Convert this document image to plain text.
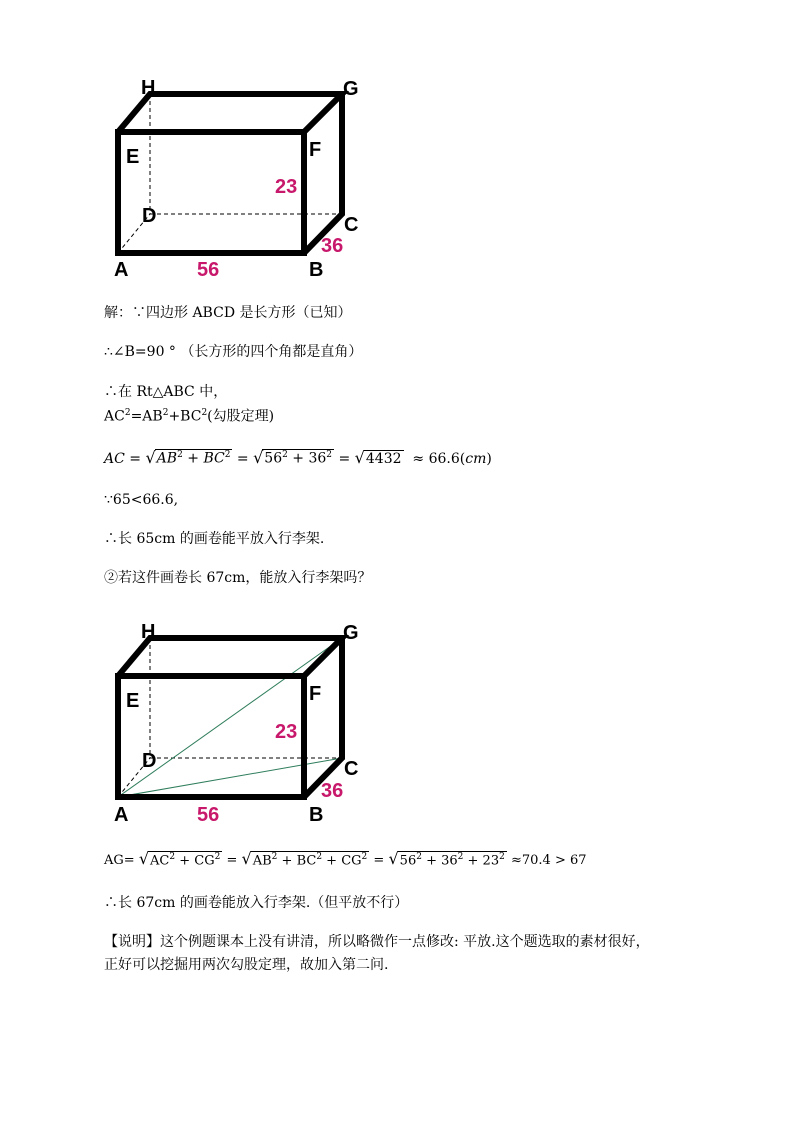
H	G
E	F
D	C
A	B
23
56
36
解：∵四边形 ABCD 是长方形（已知）
∴∠B=90 ° （长方形的四个角都是直角）
∴在 Rt△ABC 中，
$AC^2=AB^2+BC^2$(勾股定理)
AC = $√AB^2 + BC^2 = √56^2 + 36^2 = √4432 \approx 66.6(cm)$
∵65<66.6,
∴长 65cm 的画卷能平放入行李架.
②若这件画卷长 67cm，能放入行李架吗？
H	G
E	F
D	C
A	B
23
56
36
$AG= √AC^2 + CG^2 = √AB^2 + BC^2 + CG^2 = √56^2 + 36^2 + 23^2 \approx 70.4 > 67$
∴长 67cm 的画卷能放入行李架.（但平放不行）
【说明】这个例题课本上没有讲清，所以略微作一点修改: 平放.这个题选取的素材很好，
正好可以挖掘用两次勾股定理，故加入第二问.
